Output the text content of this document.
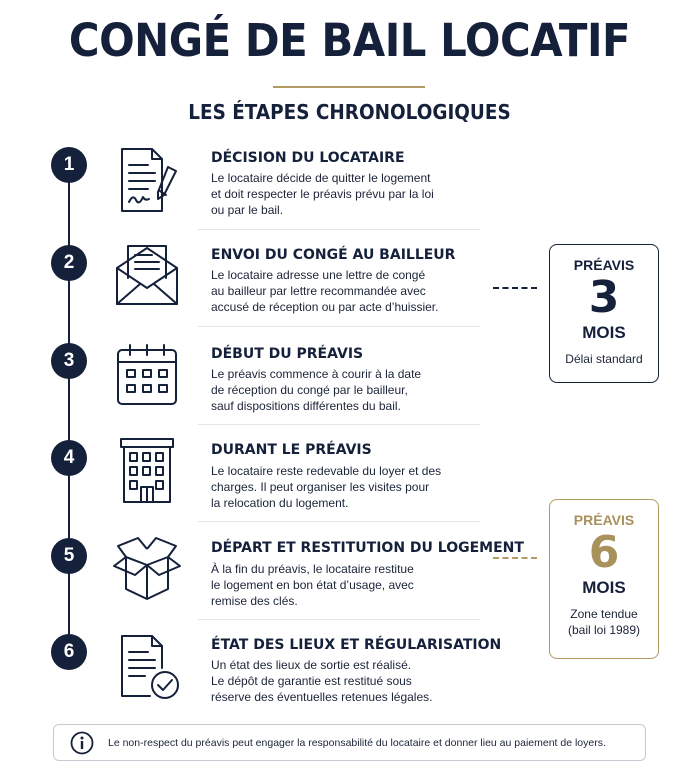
CONGÉ DE BAIL LOCATIF
LES ÉTAPES CHRONOLOGIQUES
1	DÉCISION DU LOCATAIRE
Le locataire décide de quitter le logement
et doit respecter le préavis prévu par la loi
ou par le bail.
2	ENVOI DU CONGÉ AU BAILLEUR
Le locataire adresse une lettre de congé
au bailleur par lettre recommandée avec
accusé de réception ou par acte d’huissier.
3	DÉBUT DU PRÉAVIS
Le préavis commence à courir à la date
de réception du congé par le bailleur,
sauf dispositions différentes du bail.
4	DURANT LE PRÉAVIS
Le locataire reste redevable du loyer et des
charges. Il peut organiser les visites pour
la relocation du logement.
5	DÉPART ET RESTITUTION DU LOGEMENT
À la fin du préavis, le locataire restitue
le logement en bon état d’usage, avec
remise des clés.
6	ÉTAT DES LIEUX ET RÉGULARISATION
Un état des lieux de sortie est réalisé.
Le dépôt de garantie est restitué sous
réserve des éventuelles retenues légales.
PRÉAVIS
3
MOIS
Délai standard
PRÉAVIS
6
MOIS
Zone tendue
(bail loi 1989)
Le non-respect du préavis peut engager la responsabilité du locataire et donner lieu au paiement de loyers.
